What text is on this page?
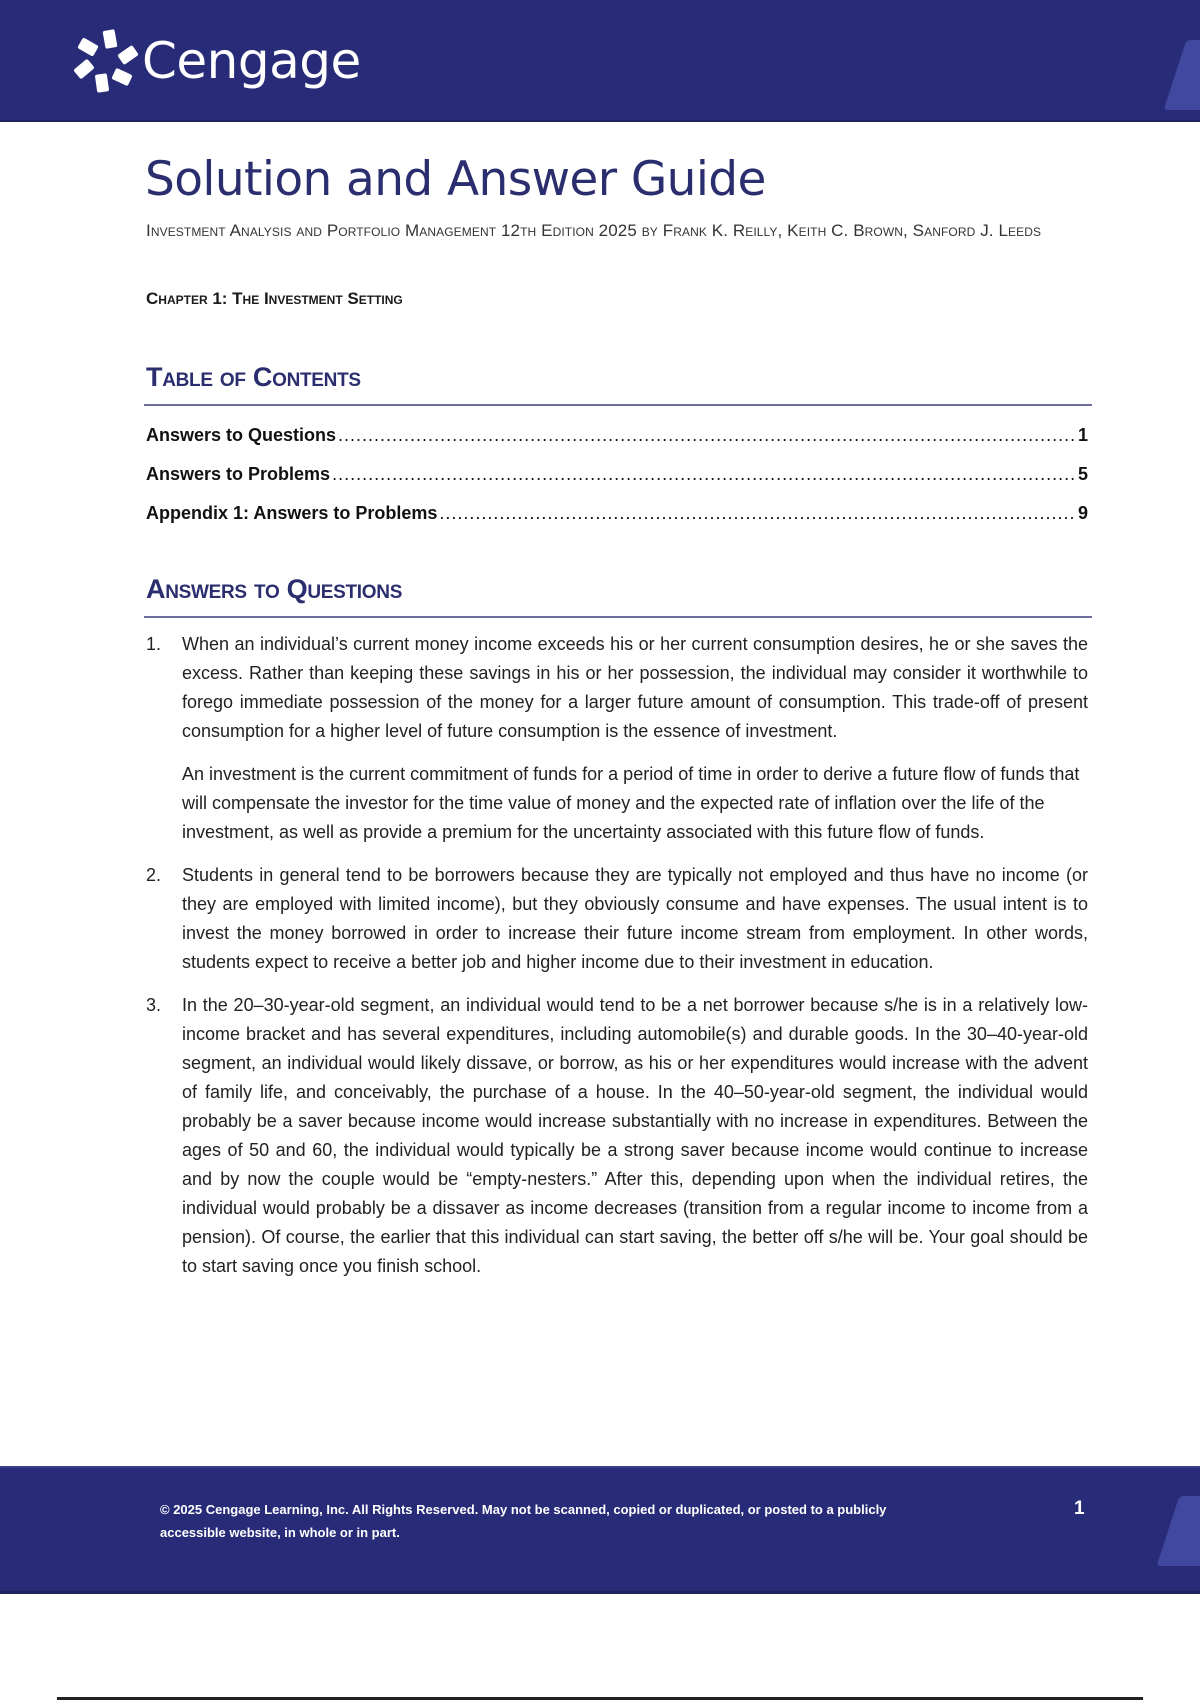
Cengage
Solution and Answer Guide
Investment Analysis and Portfolio Management 12th Edition 2025 by Frank K. Reilly, Keith C. Brown, Sanford J. Leeds
Chapter 1: The Investment Setting
Table of Contents
Answers to Questions .....	1
Answers to Problems .....	5
Appendix 1: Answers to Problems .....	9
Answers to Questions
1.	When an individual’s current money income exceeds his or her current consumption desires, he or she saves the excess. Rather than keeping these savings in his or her possession, the individual may consider it worthwhile to forego immediate possession of the money for a larger future amount of consumption. This trade-off of present consumption for a higher level of future consumption is the essence of investment.

An investment is the current commitment of funds for a period of time in order to derive a future flow of funds that will compensate the investor for the time value of money and the expected rate of inflation over the life of the investment, as well as provide a premium for the uncertainty associated with this future flow of funds.

2.	Students in general tend to be borrowers because they are typically not employed and thus have no income (or they are employed with limited income), but they obviously consume and have expenses. The usual intent is to invest the money borrowed in order to increase their future income stream from employment. In other words, students expect to receive a better job and higher income due to their investment in education.

3.	In the 20–30-year-old segment, an individual would tend to be a net borrower because s/he is in a relatively low-income bracket and has several expenditures, including automobile(s) and durable goods. In the 30–40-year-old segment, an individual would likely dissave, or borrow, as his or her expenditures would increase with the advent of family life, and conceivably, the purchase of a house. In the 40–50-year-old segment, the individual would probably be a saver because income would increase substantially with no increase in expenditures. Between the ages of 50 and 60, the individual would typically be a strong saver because income would continue to increase and by now the couple would be “empty-nesters.” After this, depending upon when the individual retires, the individual would probably be a dissaver as income decreases (transition from a regular income to income from a pension). Of course, the earlier that this individual can start saving, the better off s/he will be. Your goal should be to start saving once you finish school.

© 2025 Cengage Learning, Inc. All Rights Reserved. May not be scanned, copied or duplicated, or posted to a publicly accessible website, in whole or in part.
1
